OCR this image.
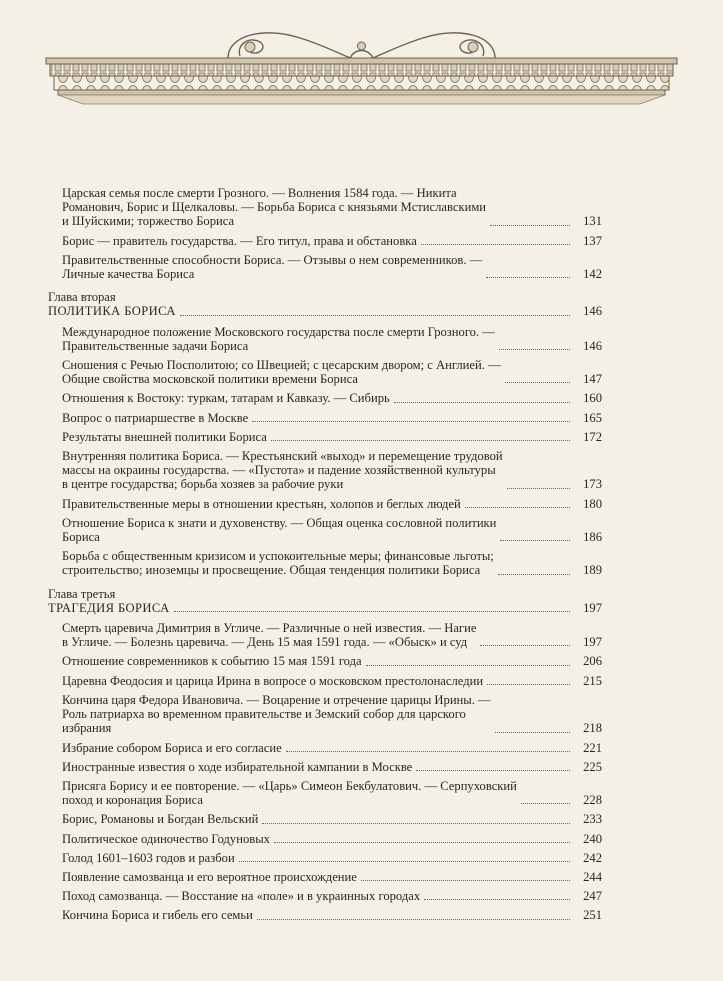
Царская семья после смерти Грозного. — Волнения 1584 года. — Никита
Романович, Борис и Щелкаловы. — Борьба Бориса с князьями Мстиславскими
и Шуйскими; торжество Бориса	131
Борис — правитель государства. — Его титул, права и обстановка	137
Правительственные способности Бориса. — Отзывы о нем современников. —
Личные качества Бориса	142
Глава вторая
ПОЛИТИКА БОРИСА	146
Международное положение Московского государства после смерти Грозного. —
Правительственные задачи Бориса	146
Сношения с Речью Посполитою; со Швецией; с цесарским двором; с Англией. —
Общие свойства московской политики времени Бориса	147
Отношения к Востоку: туркам, татарам и Кавказу. — Сибирь	160
Вопрос о патриаршестве в Москве	165
Результаты внешней политики Бориса	172
Внутренняя политика Бориса. — Крестьянский «выход» и перемещение трудовой
массы на окраины государства. — «Пустота» и падение хозяйственной культуры
в центре государства; борьба хозяев за рабочие руки	173
Правительственные меры в отношении крестьян, холопов и беглых людей	180
Отношение Бориса к знати и духовенству. — Общая оценка сословной политики
Бориса	186
Борьба с общественным кризисом и успокоительные меры; финансовые льготы;
строительство; иноземцы и просвещение. Общая тенденция политики Бориса	189
Глава третья
ТРАГЕДИЯ БОРИСА	197
Смерть царевича Димитрия в Угличе. — Различные о ней известия. — Нагие
в Угличе. — Болезнь царевича. — День 15 мая 1591 года. — «Обыск» и суд	197
Отношение современников к событию 15 мая 1591 года	206
Царевна Феодосия и царица Ирина в вопросе о московском престолонаследии	215
Кончина царя Федора Ивановича. — Воцарение и отречение царицы Ирины. —
Роль патриарха во временном правительстве и Земский собор для царского
избрания	218
Избрание собором Бориса и его согласие	221
Иностранные известия о ходе избирательной кампании в Москве	225
Присяга Борису и ее повторение. — «Царь» Симеон Бекбулатович. — Серпуховский
поход и коронация Бориса	228
Борис, Романовы и Богдан Вельский	233
Политическое одиночество Годуновых	240
Голод 1601–1603 годов и разбои	242
Появление самозванца и его вероятное происхождение	244
Поход самозванца. — Восстание на «поле» и в украинных городах	247
Кончина Бориса и гибель его семьи	251
